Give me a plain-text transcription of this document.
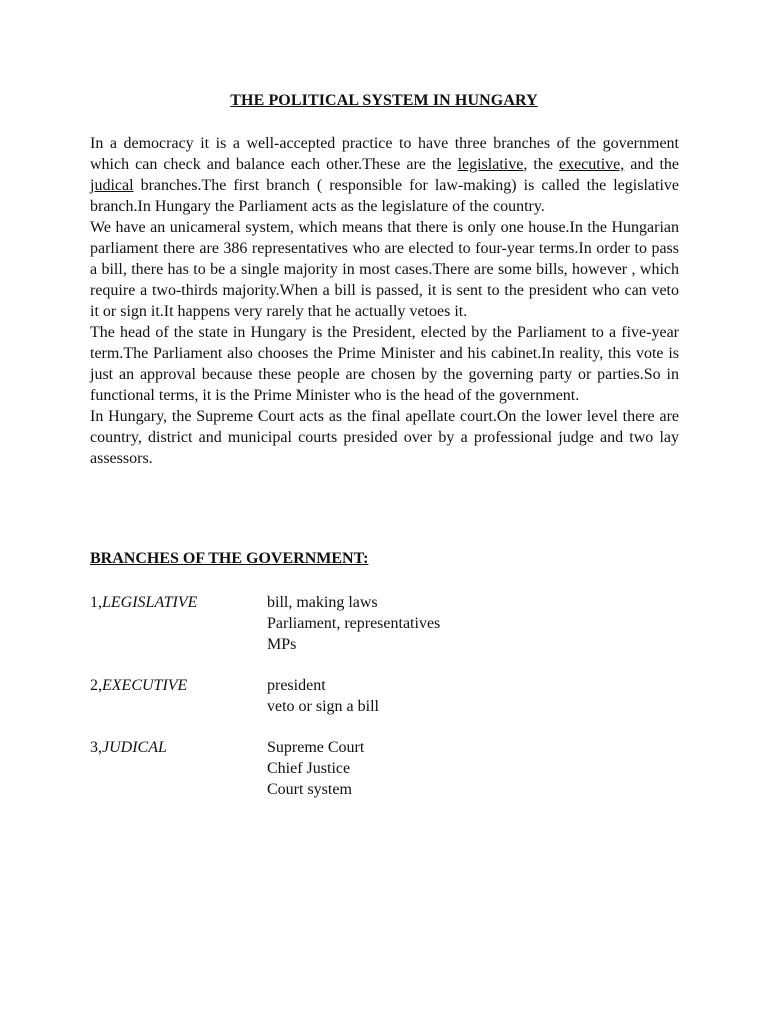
THE POLITICAL SYSTEM IN HUNGARY

In a democracy it is a well-accepted practice to have three branches of the government which can check and balance each other.These are the legislative, the executive, and the judical branches.The first branch ( responsible for law-making) is called the legislative branch.In Hungary the Parliament acts as the legislature of the country.

We have an unicameral system, which means that there is only one house.In the Hungarian parliament there are 386 representatives who are elected to four-year terms.In order to pass a bill, there has to be a single majority in most cases.There are some bills, however , which require a two-thirds majority.When a bill is passed, it is sent to the president who can veto it or sign it.It happens very rarely that he actually vetoes it.

The head of the state in Hungary is the President, elected by the Parliament to a five-year term.The Parliament also chooses the Prime Minister and his cabinet.In reality, this vote is just an approval because these people are chosen by the governing party or parties.So in functional terms, it is the Prime Minister who is the head of the government.

In Hungary, the Supreme Court acts as the final apellate court.On the lower level there are country, district and municipal courts presided over by a professional judge and two lay assessors.

BRANCHES OF THE GOVERNMENT:
1,LEGISLATIVE	bill, making laws
Parliament, representatives
MPs
2,EXECUTIVE	president
veto or sign a bill
3,JUDICAL	Supreme Court
Chief Justice
Court system
